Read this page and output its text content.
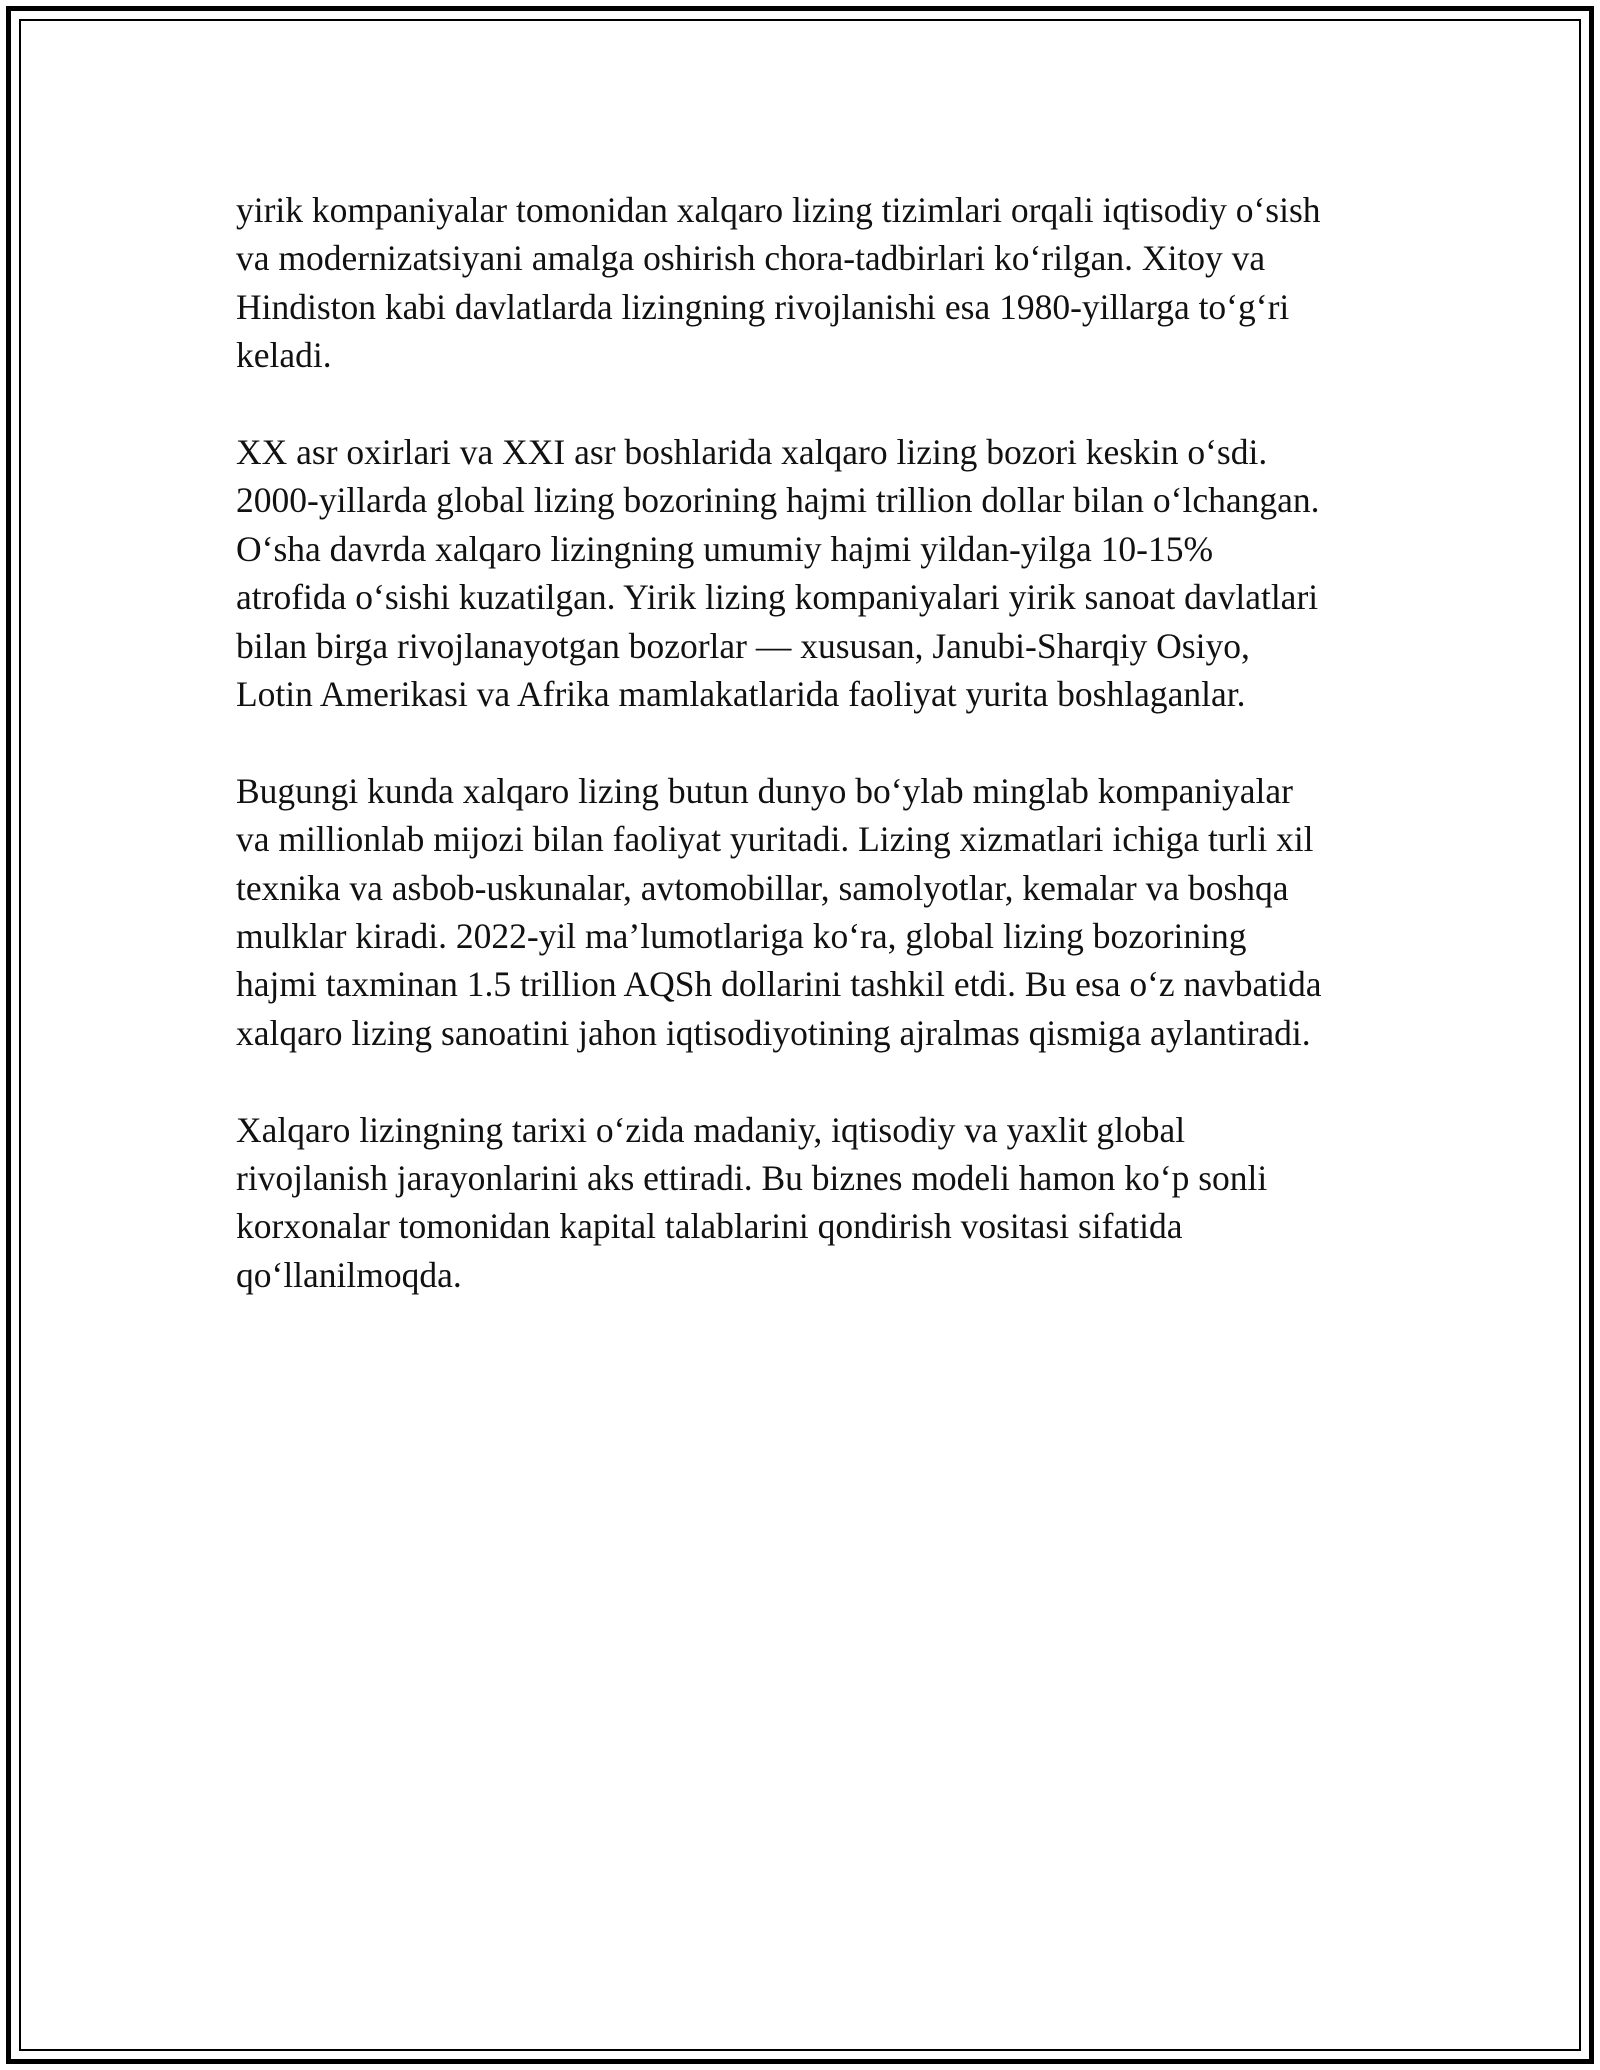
yirik kompaniyalar tomonidan xalqaro lizing tizimlari orqali iqtisodiy o‘sish
va modernizatsiyani amalga oshirish chora-tadbirlari ko‘rilgan. Xitoy va
Hindiston kabi davlatlarda lizingning rivojlanishi esa 1980-yillarga to‘g‘ri
keladi.

XX asr oxirlari va XXI asr boshlarida xalqaro lizing bozori keskin o‘sdi.
2000-yillarda global lizing bozorining hajmi trillion dollar bilan o‘lchangan.
O‘sha davrda xalqaro lizingning umumiy hajmi yildan-yilga 10-15%
atrofida o‘sishi kuzatilgan. Yirik lizing kompaniyalari yirik sanoat davlatlari
bilan birga rivojlanayotgan bozorlar — xususan, Janubi-Sharqiy Osiyo,
Lotin Amerikasi va Afrika mamlakatlarida faoliyat yurita boshlaganlar.

Bugungi kunda xalqaro lizing butun dunyo bo‘ylab minglab kompaniyalar
va millionlab mijozi bilan faoliyat yuritadi. Lizing xizmatlari ichiga turli xil
texnika va asbob-uskunalar, avtomobillar, samolyotlar, kemalar va boshqa
mulklar kiradi. 2022-yil ma’lumotlariga ko‘ra, global lizing bozorining
hajmi taxminan 1.5 trillion AQSh dollarini tashkil etdi. Bu esa o‘z navbatida
xalqaro lizing sanoatini jahon iqtisodiyotining ajralmas qismiga aylantiradi.

Xalqaro lizingning tarixi o‘zida madaniy, iqtisodiy va yaxlit global
rivojlanish jarayonlarini aks ettiradi. Bu biznes modeli hamon ko‘p sonli
korxonalar tomonidan kapital talablarini qondirish vositasi sifatida
qo‘llanilmoqda.
